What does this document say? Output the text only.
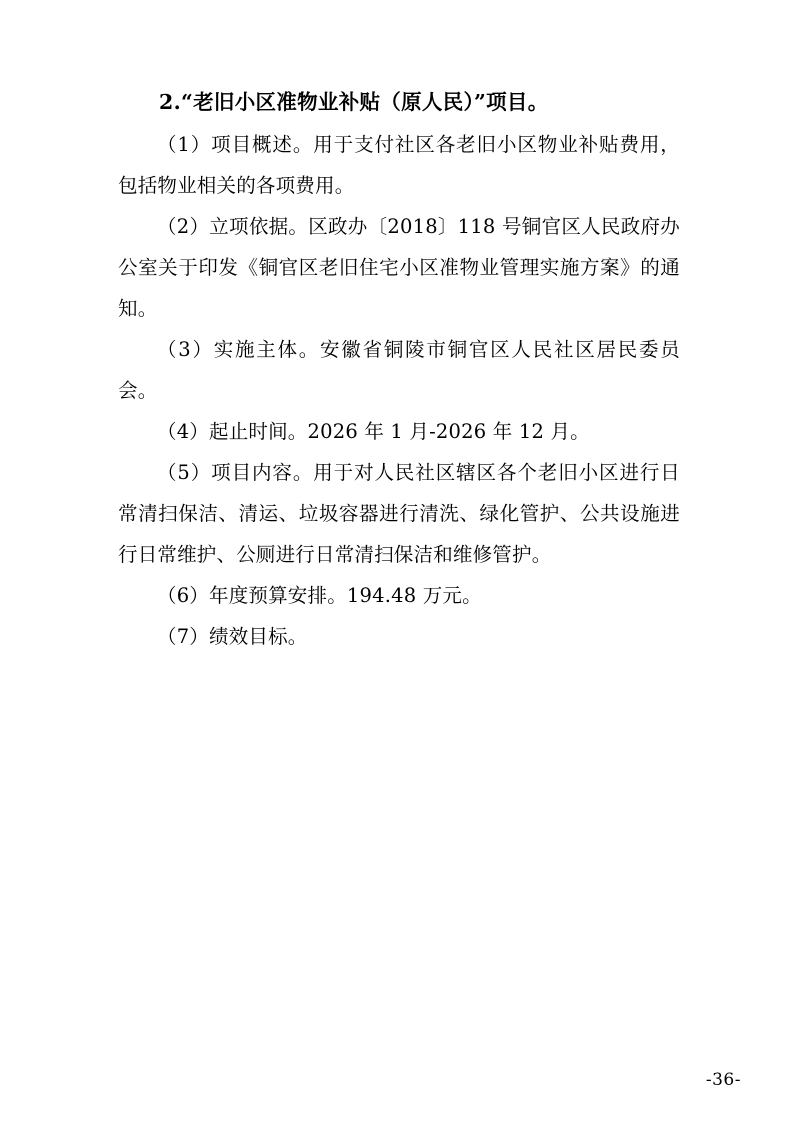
2.“老旧小区准物业补贴（原人民）”项目。

（1）项目概述。用于支付社区各老旧小区物业补贴费用，包括物业相关的各项费用。

（2）立项依据。区政办〔2018〕118 号铜官区人民政府办公室关于印发《铜官区老旧住宅小区准物业管理实施方案》的通知。

（3）实施主体。安徽省铜陵市铜官区人民社区居民委员会。

（4）起止时间。2026 年 1 月-2026 年 12 月。

（5）项目内容。用于对人民社区辖区各个老旧小区进行日常清扫保洁、清运、垃圾容器进行清洗、绿化管护、公共设施进行日常维护、公厕进行日常清扫保洁和维修管护。

（6）年度预算安排。194.48 万元。

（7）绩效目标。

-36-
